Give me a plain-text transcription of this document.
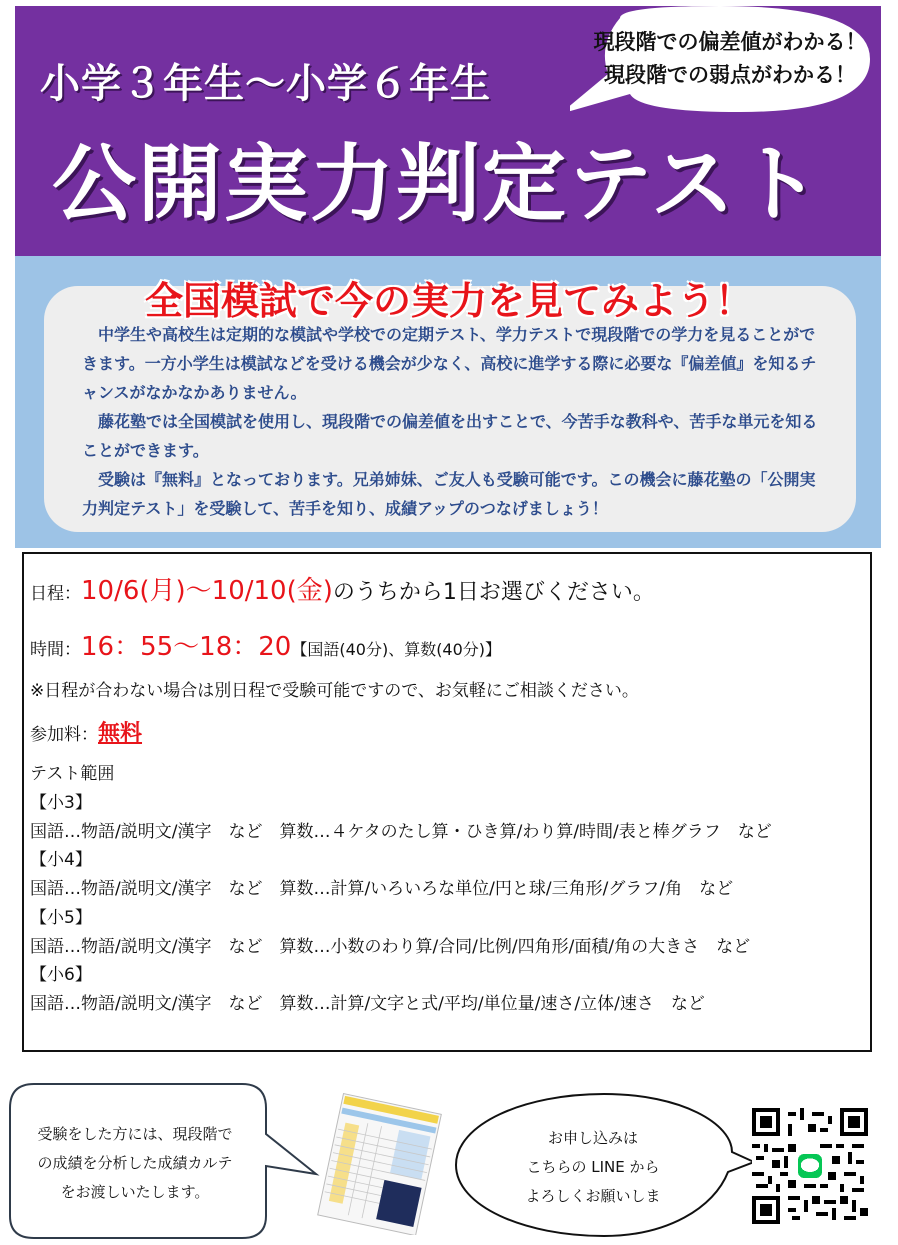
小学３年生～小学６年生
公開実力判定テスト
現段階での偏差値がわかる！
現段階での弱点がわかる！
全国模試で今の実力を見てみよう！

　中学生や高校生は定期的な模試や学校での定期テスト、学力テストで現段階での学力を見ることができます。一方小学生は模試などを受ける機会が少なく、高校に進学する際に必要な『偏差値』を知るチャンスがなかなかありません。

　藤花塾では全国模試を使用し、現段階での偏差値を出すことで、今苦手な教科や、苦手な単元を知ることができます。

　受験は『無料』となっております。兄弟姉妹、ご友人も受験可能です。この機会に藤花塾の「公開実力判定テスト」を受験して、苦手を知り、成績アップのつなげましょう！

日程：10/6(月)～10/10(金)のうちから1日お選びください。
時間：16：55～18：20【国語(40分)、算数(40分)】
※日程が合わない場合は別日程で受験可能ですので、お気軽にご相談ください。
参加料：無料
テスト範囲
【小3】
国語…物語/説明文/漢字　など　算数…４ケタのたし算・ひき算/わり算/時間/表と棒グラフ　など
【小4】
国語…物語/説明文/漢字　など　算数…計算/いろいろな単位/円と球/三角形/グラフ/角　など
【小5】
国語…物語/説明文/漢字　など　算数…小数のわり算/合同/比例/四角形/面積/角の大きさ　など
【小6】
国語…物語/説明文/漢字　など　算数…計算/文字と式/平均/単位量/速さ/立体/速さ　など
受験をした方には、現段階で
の成績を分析した成績カルテ
をお渡しいたします。
お申し込みは
こちらの LINE から
よろしくお願いしま
